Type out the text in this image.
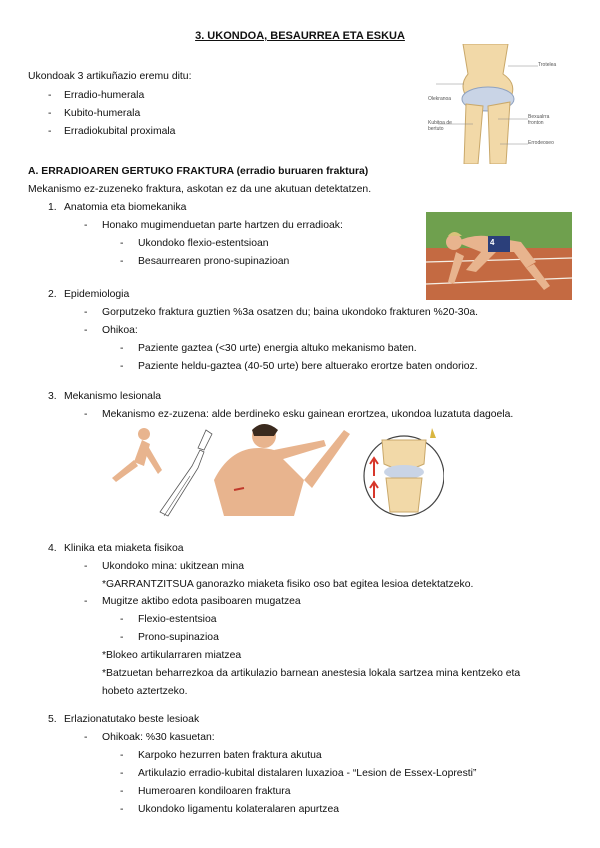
3. UKONDOA, BESAURREA ETA ESKUA
Ukondoak 3 artikuñazio eremu ditu:
- Erradio-humerala
- Kubito-humerala
- Erradiokubital proximala
Trotelea
Olekranoa
Kubitoa de bertuto
Bexualrra fronton
Errodeoseo
A. ERRADIOAREN GERTUKO FRAKTURA (erradio buruaren fraktura)
Mekanismo ez-zuzeneko fraktura, askotan ez da une akutuan detektatzen.
1. Anatomia eta biomekanika
- Honako mugimenduetan parte hartzen du erradioak:
- Ukondoko flexio-estentsioan
- Besaurrearen prono-supinazioan
4
2. Epidemiologia
- Gorputzeko fraktura guztien %3a osatzen du; baina ukondoko frakturen %20-30a.
- Ohikoa:
- Paziente gaztea (<30 urte) energia altuko mekanismo baten.
- Paziente heldu-gaztea (40-50 urte) bere altuerako erortze baten ondorioz.
3. Mekanismo lesionala
- Mekanismo ez-zuzena: alde berdineko esku gainean erortzea, ukondoa luzatuta dagoela.
4. Klinika eta miaketa fisikoa
- Ukondoko mina: ukitzean mina
*GARRANTZITSUA ganorazko miaketa fisiko oso bat egitea lesioa detektatzeko.
- Mugitze aktibo edota pasiboaren mugatzea
- Flexio-estentsioa
- Prono-supinazioa
*Blokeo artikularraren miatzea
*Batzuetan beharrezkoa da artikulazio barnean anestesia lokala sartzea mina kentzeko eta
hobeto aztertzeko.
5. Erlazionatutako beste lesioak
- Ohikoak: %30 kasuetan:
- Karpoko hezurren baten fraktura akutua
- Artikulazio erradio-kubital distalaren luxazioa - “Lesion de Essex-Lopresti”
- Humeroaren kondiloaren fraktura
- Ukondoko ligamentu kolateralaren apurtzea
